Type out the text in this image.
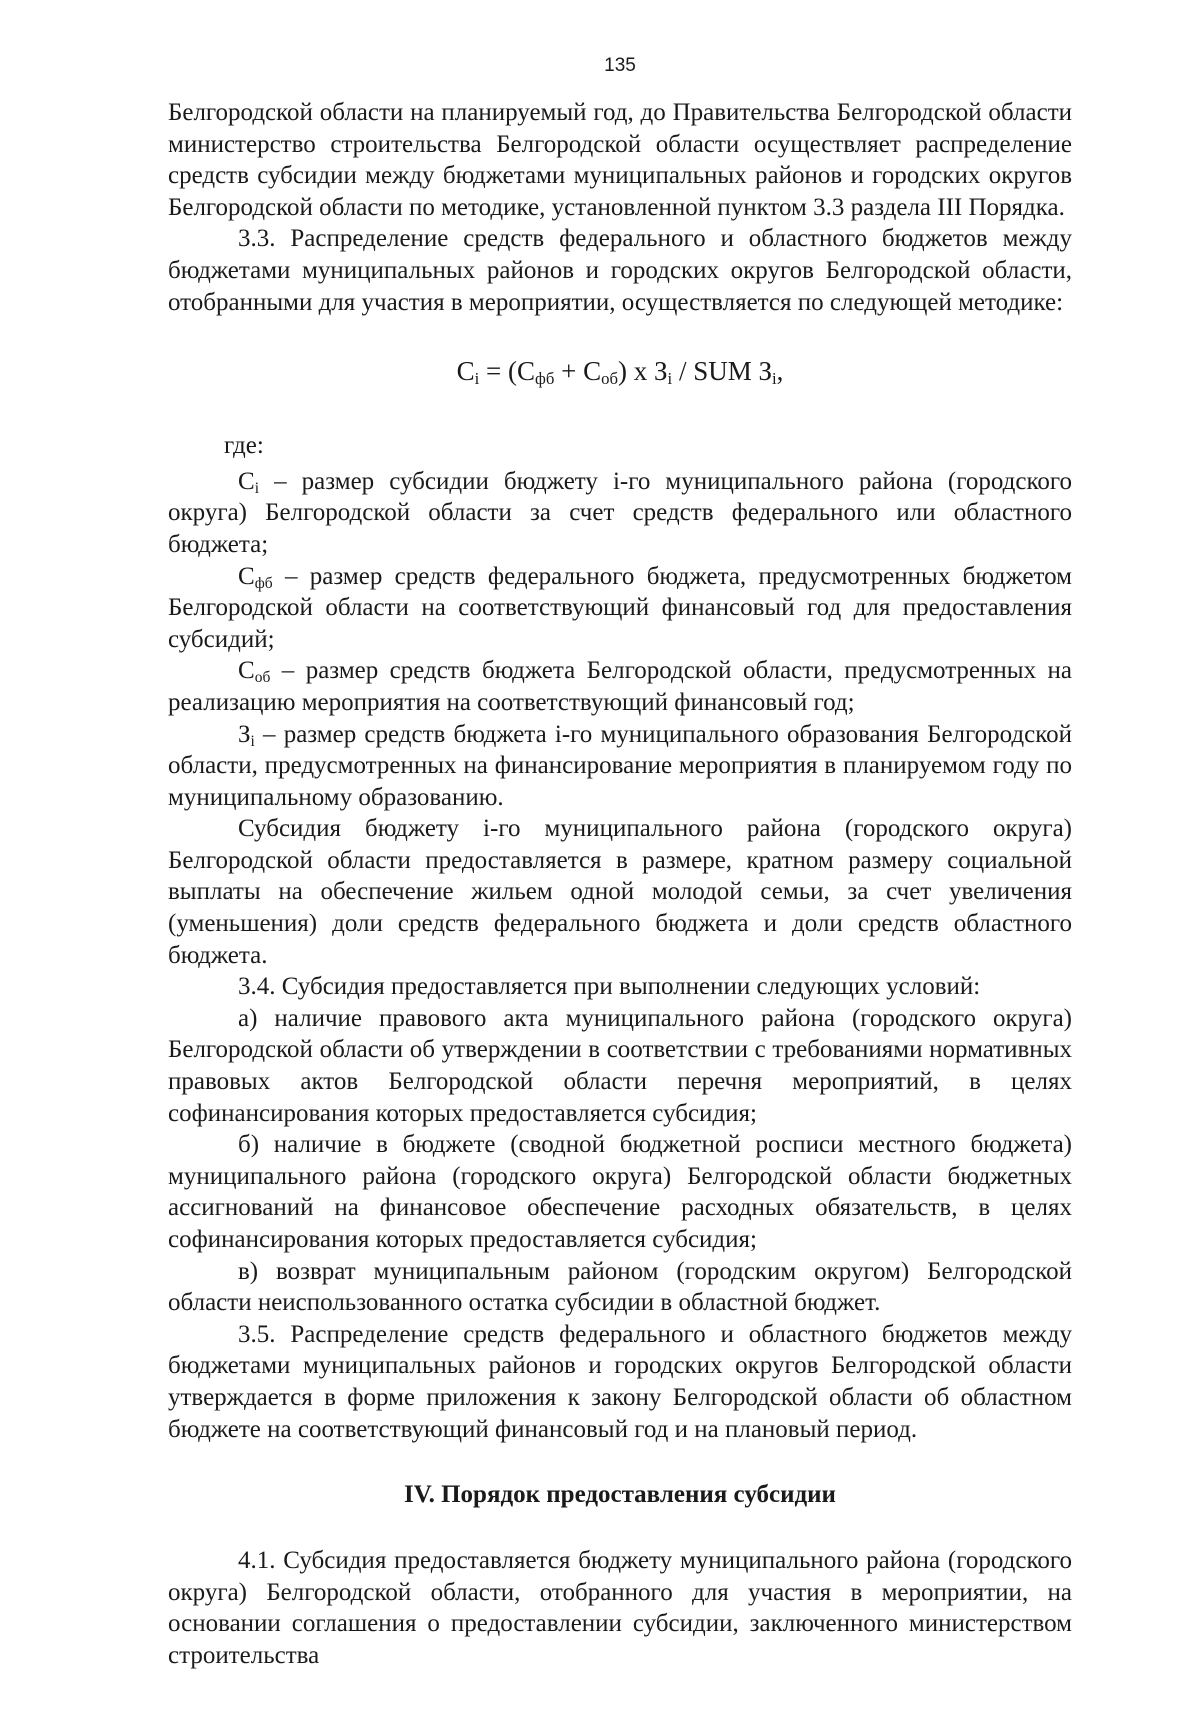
135

Белгородской области на планируемый год, до Правительства Белгородской области министерство строительства Белгородской области осуществляет распределение средств субсидии между бюджетами муниципальных районов и городских округов Белгородской области по методике, установленной пунктом 3.3 раздела III Порядка.

3.3. Распределение средств федерального и областного бюджетов между бюджетами муниципальных районов и городских округов Белгородской области, отобранными для участия в мероприятии, осуществляется по следующей методике:

$C_i = (C_{фб} + C_{об})$ x $З_i$ / SUM $З_i$,

где:

$C_i$ – размер субсидии бюджету i-го муниципального района (городского округа) Белгородской области за счет средств федерального или областного бюджета;

$C_{фб}$ – размер средств федерального бюджета, предусмотренных бюджетом Белгородской области на соответствующий финансовый год для предоставления субсидий;

$C_{об}$ – размер средств бюджета Белгородской области, предусмотренных на реализацию мероприятия на соответствующий финансовый год;

$З_i$ – размер средств бюджета i-го муниципального образования Белгородской области, предусмотренных на финансирование мероприятия в планируемом году по муниципальному образованию.

Субсидия бюджету i-го муниципального района (городского округа) Белгородской области предоставляется в размере, кратном размеру социальной выплаты на обеспечение жильем одной молодой семьи, за счет увеличения (уменьшения) доли средств федерального бюджета и доли средств областного бюджета.

3.4. Субсидия предоставляется при выполнении следующих условий:

а) наличие правового акта муниципального района (городского округа) Белгородской области об утверждении в соответствии с требованиями нормативных правовых актов Белгородской области перечня мероприятий, в целях софинансирования которых предоставляется субсидия;

б) наличие в бюджете (сводной бюджетной росписи местного бюджета) муниципального района (городского округа) Белгородской области бюджетных ассигнований на финансовое обеспечение расходных обязательств, в целях софинансирования которых предоставляется субсидия;

в) возврат муниципальным районом (городским округом) Белгородской области неиспользованного остатка субсидии в областной бюджет.

3.5. Распределение средств федерального и областного бюджетов между бюджетами муниципальных районов и городских округов Белгородской области утверждается в форме приложения к закону Белгородской области об областном бюджете на соответствующий финансовый год и на плановый период.

IV. Порядок предоставления субсидии

4.1. Субсидия предоставляется бюджету муниципального района (городского округа) Белгородской области, отобранного для участия в мероприятии, на основании соглашения о предоставлении субсидии, заключенного министерством строительства
